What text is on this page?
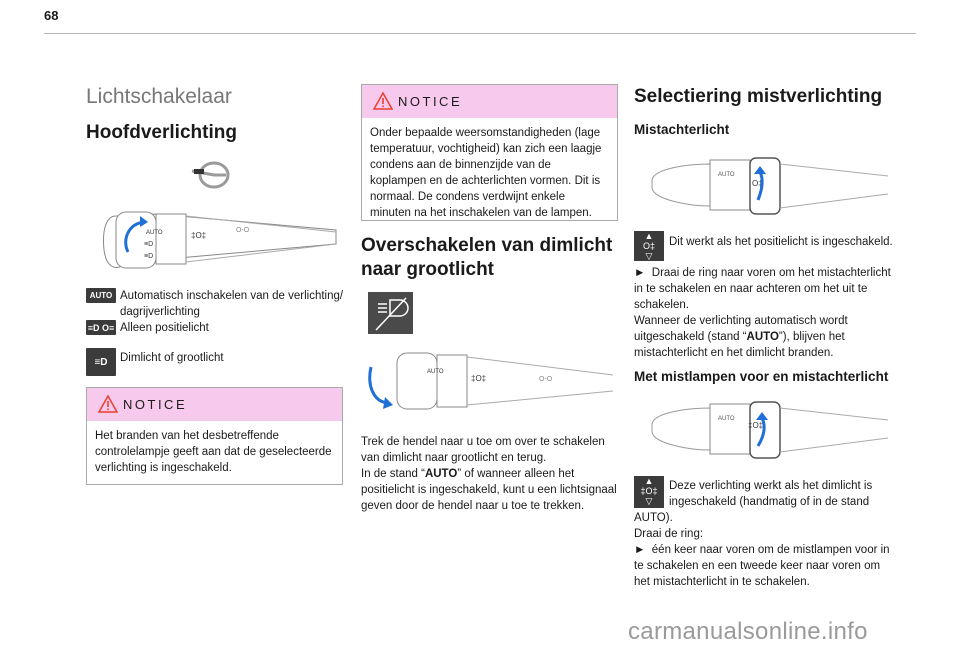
68

Lichtschakelaar

Hoofdverlichting

AUTO
≡D
≡D
‡O‡
O-O
AUTO Automatisch inschakelen van de verlichting/
dagrijverlichting

≡D O≡ Alleen positielicht

≡D	Dimlicht of grootlicht

NOTICE
Het branden van het desbetreffende controlelampje geeft aan dat de geselecteerde verlichting is ingeschakeld.
NOTICE
Onder bepaalde weersomstandigheden (lage temperatuur, vochtigheid) kan zich een laagje condens aan de binnenzijde van de koplampen en de achterlichten vormen. Dit is normaal. De condens verdwijnt enkele minuten na het inschakelen van de lampen.

Overschakelen van dimlicht
naar grootlicht

AUTO
‡O‡	O-O
Trek de hendel naar u toe om over te schakelen van dimlicht naar grootlicht en terug.
In de stand “AUTO” of wanneer alleen het positielicht is ingeschakeld, kunt u een lichtsignaal geven door de hendel naar u toe te trekken.

Selectiering mistverlichting

Mistachterlicht

AUTO
O‡
▲
O‡
▽

Dit werkt als het positielicht is ingeschakeld.

► Draai de ring naar voren om het mistachterlicht in te schakelen en naar achteren om het uit te schakelen.
Wanneer de verlichting automatisch wordt uitgeschakeld (stand “AUTO”), blijven het mistachterlicht en het dimlicht branden.

Met mistlampen voor en mistachterlicht

AUTO
‡O‡
▲
‡O‡
▽
Deze verlichting werkt als het dimlicht is
ingeschakeld (handmatig of in de stand
AUTO).
Draai de ring:
► één keer naar voren om de mistlampen voor in te schakelen en een tweede keer naar voren om het mistachterlicht in te schakelen.
carmanualsonline.info
